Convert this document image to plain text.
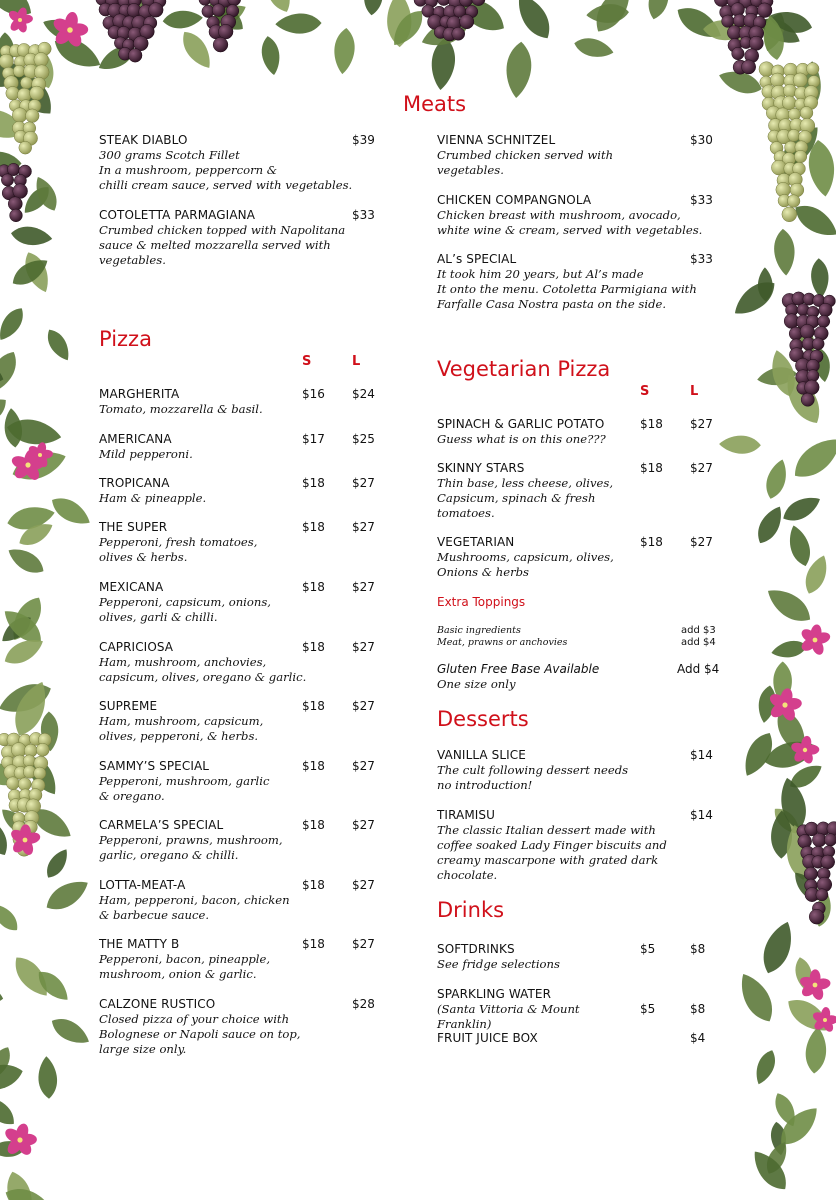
Meats
STEAK DIABLO
300 grams Scotch Fillet
In a mushroom, peppercorn &
chilli cream sauce, served with vegetables.
$39
COTOLETTA PARMAGIANA
Crumbed chicken topped with Napolitana
sauce & melted mozzarella served with
vegetables.
$33
VIENNA SCHNITZEL
Crumbed chicken served with
vegetables.
$30
CHICKEN COMPANGNOLA
Chicken breast with mushroom, avocado,
white wine & cream, served with vegetables.
$33
AL’s SPECIAL
It took him 20 years, but Al’s made
It onto the menu. Cotoletta Parmigiana with
Farfalle Casa Nostra pasta on the side.
$33
Pizza
S	L
MARGHERITA
Tomato, mozzarella & basil.
$16 $24
AMERICANA
Mild pepperoni.
$17 $25
TROPICANA
Ham & pineapple.
$18 $27
THE SUPER
Pepperoni, fresh tomatoes,
olives & herbs.
$18 $27
MEXICANA
Pepperoni, capsicum, onions,
olives, garli & chilli.
$18 $27
CAPRICIOSA
Ham, mushroom, anchovies,
capsicum, olives, oregano & garlic.
$18 $27
SUPREME
Ham, mushroom, capsicum,
olives, pepperoni, & herbs.
$18 $27
SAMMY’S SPECIAL
Pepperoni, mushroom, garlic
& oregano.
$18 $27
CARMELA’S SPECIAL
Pepperoni, prawns, mushroom,
garlic, oregano & chilli.
$18 $27
LOTTA-MEAT-A
Ham, pepperoni, bacon, chicken
& barbecue sauce.
$18 $27
THE MATTY B
Pepperoni, bacon, pineapple,
mushroom, onion & garlic.
$18 $27
CALZONE RUSTICO
Closed pizza of your choice with
Bolognese or Napoli sauce on top,
large size only.
$28
Vegetarian Pizza
S	L
SPINACH & GARLIC POTATO
Guess what is on this one???
$18 $27
SKINNY STARS
Thin base, less cheese, olives,
Capsicum, spinach & fresh
tomatoes.
$18 $27
VEGETARIAN
Mushrooms, capsicum, olives,
Onions & herbs
$18 $27
Extra Toppings
Basic ingredients	add $3
Meat, prawns or anchovies	add $4
Gluten Free Base Available	Add $4
One size only
Desserts
VANILLA SLICE
The cult following dessert needs
no introduction!
$14
TIRAMISU
The classic Italian dessert made with
coffee soaked Lady Finger biscuits and
creamy mascarpone with grated dark
chocolate.
$14
Drinks
SOFTDRINKS
See fridge selections
$5	$8
SPARKLING WATER
(Santa Vittoria & Mount Franklin)
$5	$8
FRUIT JUICE BOX	$4
